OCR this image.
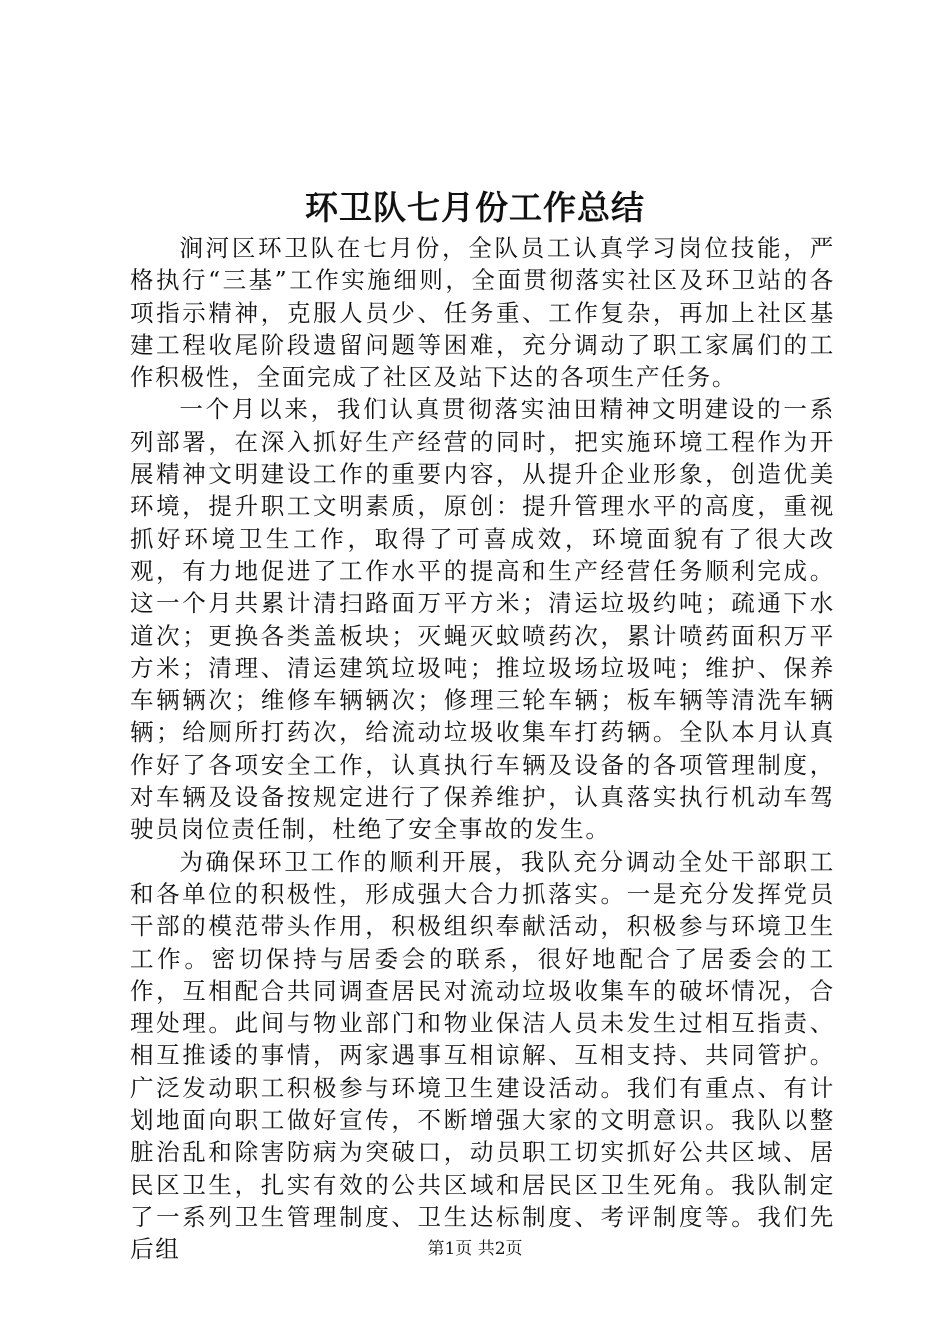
环卫队七月份工作总结

涧河区环卫队在七月份，全队员工认真学习岗位技能，严格执行“三基”工作实施细则，全面贯彻落实社区及环卫站的各项指示精神，克服人员少、任务重、工作复杂，再加上社区基建工程收尾阶段遗留问题等困难，充分调动了职工家属们的工作积极性，全面完成了社区及站下达的各项生产任务。

一个月以来，我们认真贯彻落实油田精神文明建设的一系列部署，在深入抓好生产经营的同时，把实施环境工程作为开展精神文明建设工作的重要内容，从提升企业形象，创造优美环境，提升职工文明素质，原创：提升管理水平的高度，重视抓好环境卫生工作，取得了可喜成效，环境面貌有了很大改观，有力地促进了工作水平的提高和生产经营任务顺利完成。这一个月共累计清扫路面万平方米；清运垃圾约吨；疏通下水道次；更换各类盖板块；灭蝇灭蚊喷药次，累计喷药面积万平方米；清理、清运建筑垃圾吨；推垃圾场垃圾吨；维护、保养车辆辆次；维修车辆辆次；修理三轮车辆；板车辆等清洗车辆辆；给厕所打药次，给流动垃圾收集车打药辆。全队本月认真作好了各项安全工作，认真执行车辆及设备的各项管理制度，对车辆及设备按规定进行了保养维护，认真落实执行机动车驾驶员岗位责任制，杜绝了安全事故的发生。

为确保环卫工作的顺利开展，我队充分调动全处干部职工和各单位的积极性，形成强大合力抓落实。一是充分发挥党员干部的模范带头作用，积极组织奉献活动，积极参与环境卫生工作。密切保持与居委会的联系，很好地配合了居委会的工作，互相配合共同调查居民对流动垃圾收集车的破坏情况，合理处理。此间与物业部门和物业保洁人员未发生过相互指责、相互推诿的事情，两家遇事互相谅解、互相支持、共同管护。广泛发动职工积极参与环境卫生建设活动。我们有重点、有计划地面向职工做好宣传，不断增强大家的文明意识。我队以整脏治乱和除害防病为突破口，动员职工切实抓好公共区域、居民区卫生，扎实有效的公共区域和居民区卫生死角。我队制定了一系列卫生管理制度、卫生达标制度、考评制度等。我们先后组	第1页 共2页
